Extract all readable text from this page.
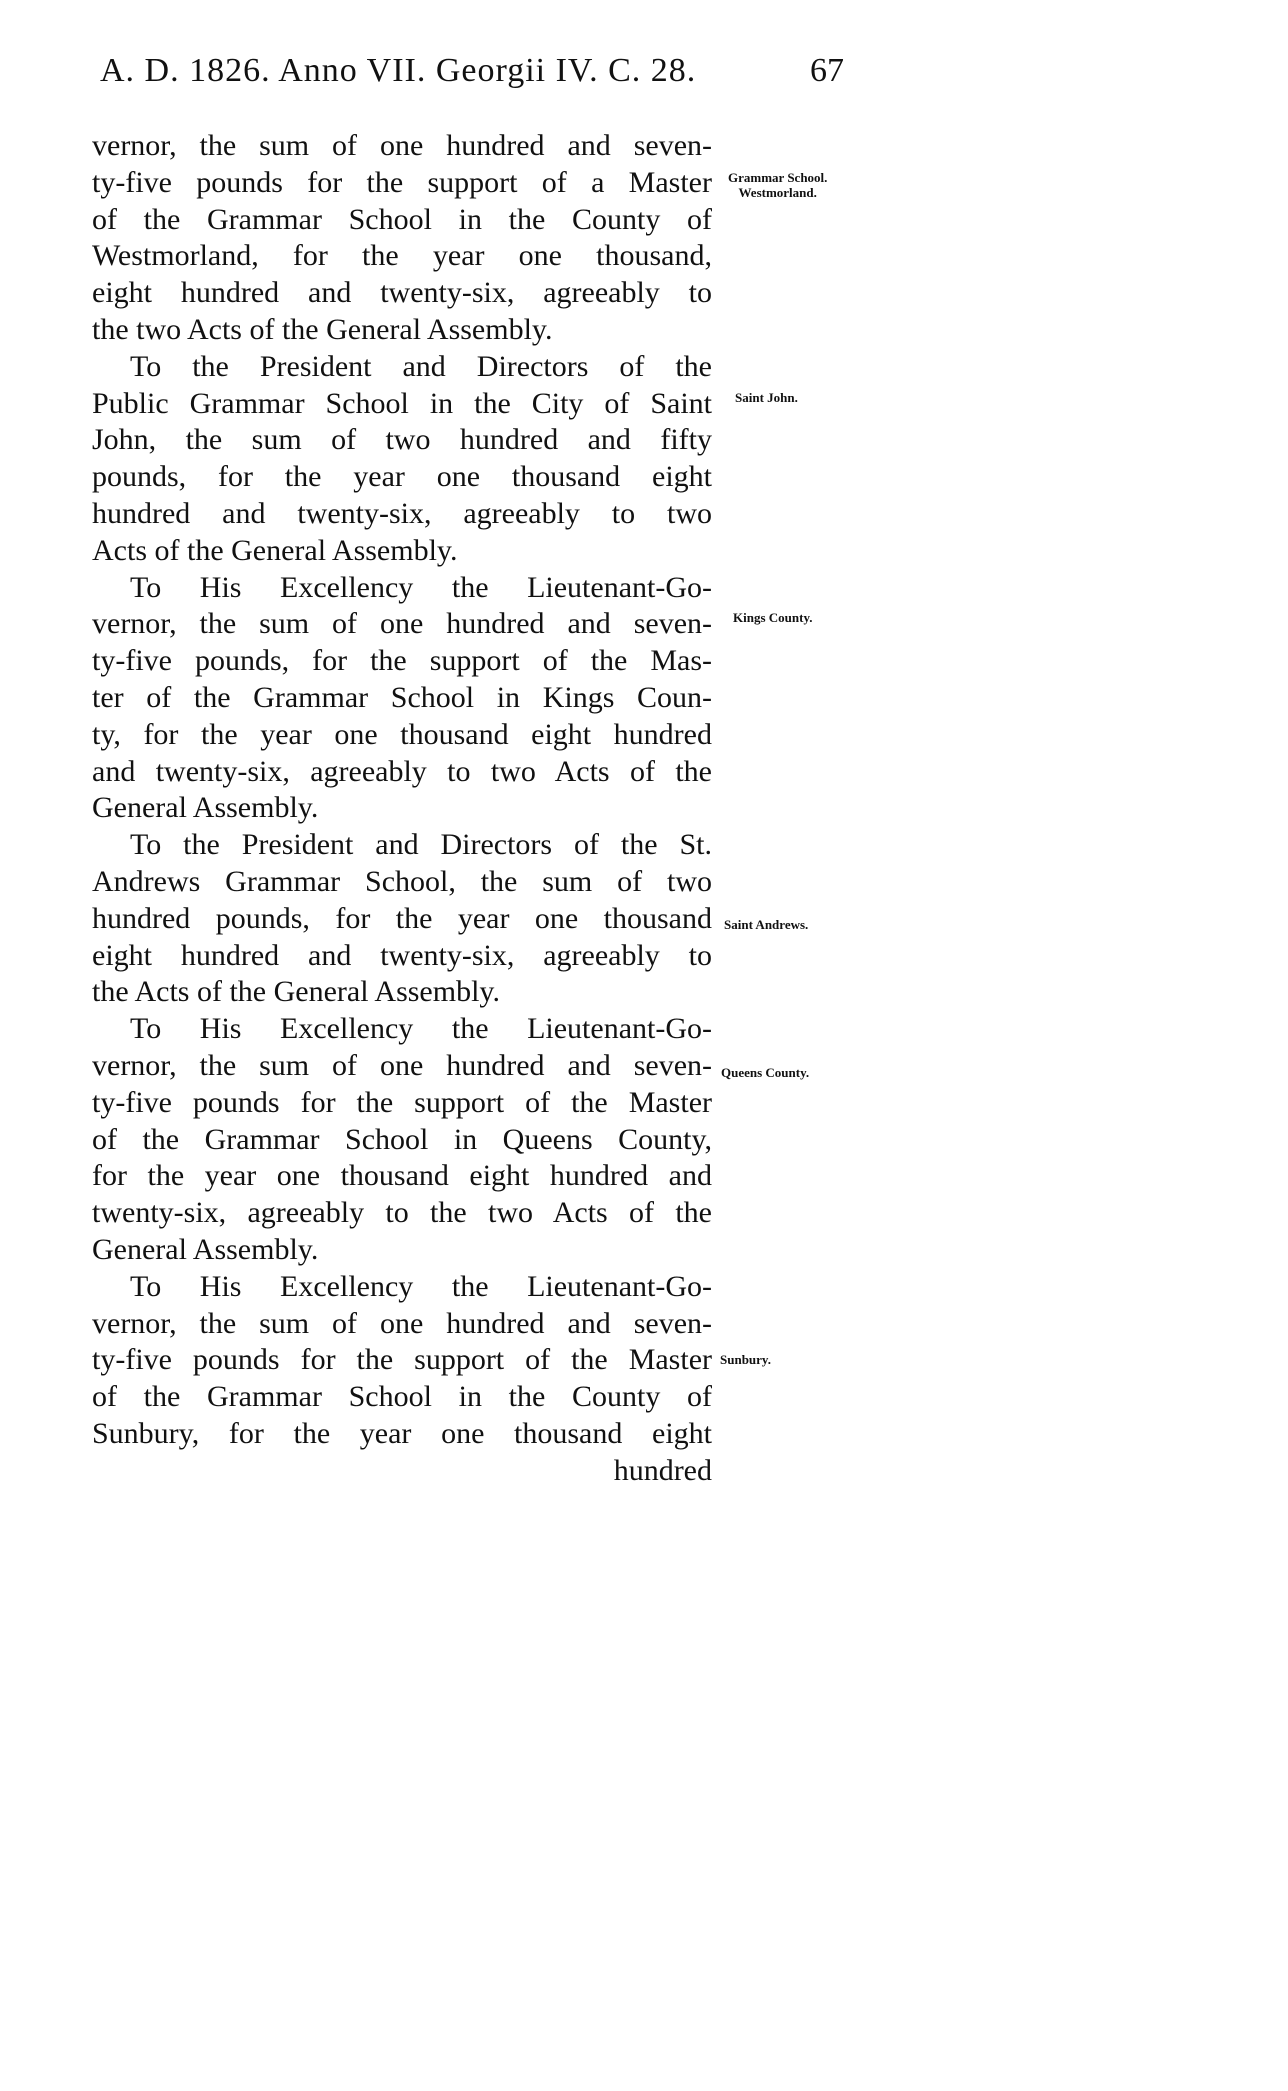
A. D. 1826. Anno VII. Georgii IV. C. 28.	67
vernor, the sum of one hundred and seven-
ty-five pounds for the support of a Master
of the Grammar School in the County of
Westmorland, for the year one thousand,
eight hundred and twenty-six, agreeably to
the two Acts of the General Assembly.
To the President and Directors of the
Public Grammar School in the City of Saint
John, the sum of two hundred and fifty
pounds, for the year one thousand eight
hundred and twenty-six, agreeably to two
Acts of the General Assembly.
To His Excellency the Lieutenant-Go-
vernor, the sum of one hundred and seven-
ty-five pounds, for the support of the Mas-
ter of the Grammar School in Kings Coun-
ty, for the year one thousand eight hundred
and twenty-six, agreeably to two Acts of the
General Assembly.
To the President and Directors of the St.
Andrews Grammar School, the sum of two
hundred pounds, for the year one thousand
eight hundred and twenty-six, agreeably to
the Acts of the General Assembly.
To His Excellency the Lieutenant-Go-
vernor, the sum of one hundred and seven-
ty-five pounds for the support of the Master
of the Grammar School in Queens County,
for the year one thousand eight hundred and
twenty-six, agreeably to the two Acts of the
General Assembly.
To His Excellency the Lieutenant-Go-
vernor, the sum of one hundred and seven-
ty-five pounds for the support of the Master
of the Grammar School in the County of
Sunbury, for the year one thousand eight
hundred
Grammar School.
Westmorland.
Saint John.
Kings County.
Saint Andrews.
Queens County.
Sunbury.
